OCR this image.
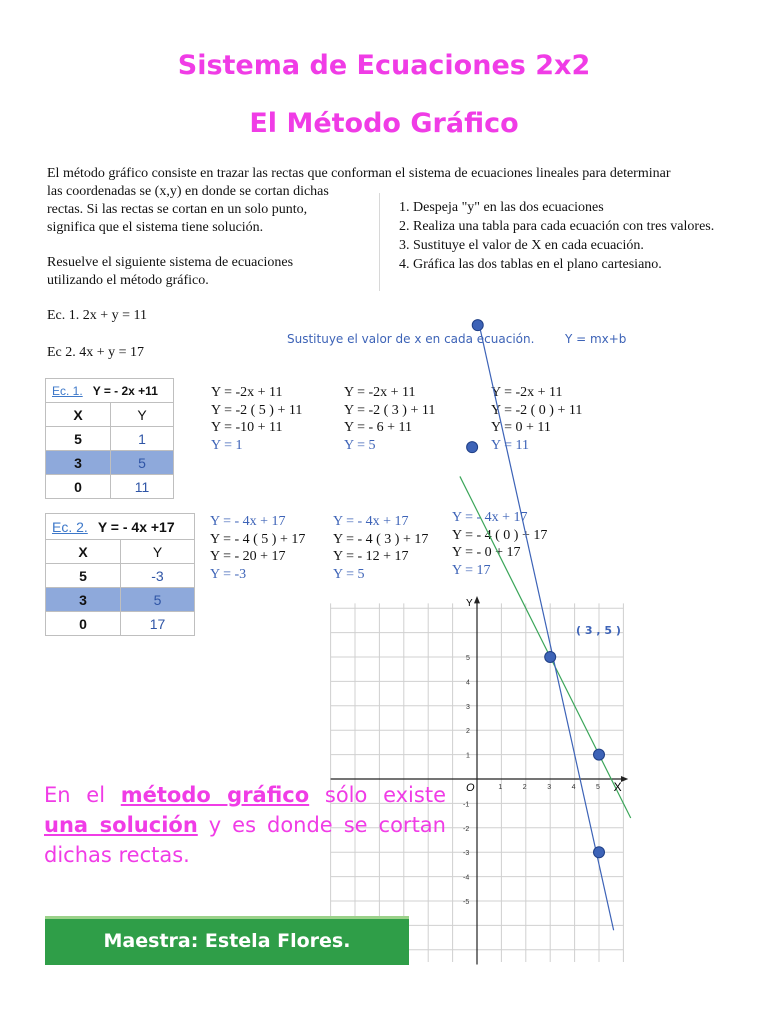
Sistema de Ecuaciones 2x2
El Método Gráfico
El método gráfico consiste en trazar las rectas que conforman el sistema de ecuaciones lineales para determinar
las coordenadas se (x,y) en donde se cortan dichas
rectas. Si las rectas se cortan en un solo punto,
significa que el sistema tiene solución.
Resuelve el siguiente sistema de ecuaciones
utilizando el método gráfico.
1. Despeja "y" en las dos ecuaciones
2. Realiza una tabla para cada ecuación con tres valores.
3. Sustituye el valor de X en cada ecuación.
4. Gráfica las dos tablas en el plano cartesiano.
Ec. 1. 2x + y = 11
Ec 2. 4x + y = 17
Sustituye el valor de x en cada ecuación.        Y = mx+b
Ec. 1. Y = - 2x +11	
X	Y
5	1
3	5
0	11
Ec. 2. Y = - 4x +17	
X	Y
5	-3
3	5
0	17
Y = -2x + 11
Y = -2 ( 5 ) + 11
Y = -10 + 11
Y = 1
Y = -2x + 11
Y = -2 ( 3 ) + 11
Y = - 6 + 11
Y = 5
Y = -2x + 11
Y = -2 ( 0 ) + 11
Y = 0 + 11
Y = 11
Y = - 4x + 17
Y = - 4 ( 5 ) + 17
Y = - 20 + 17
Y = -3
Y = - 4x + 17
Y = - 4 ( 3 ) + 17
Y = - 12 + 17
Y = 5
Y = - 4x + 17
Y = - 4 ( 0 ) + 17
Y = - 0 + 17
Y = 17
X
Y
O	1	2	3	4	5
1
2
3
4
5
-1
-2
-3
-4
-5
( 3 , 5 )
En el método gráfico sólo existe una solución y es donde se cortan dichas rectas.
Maestra: Estela Flores.
